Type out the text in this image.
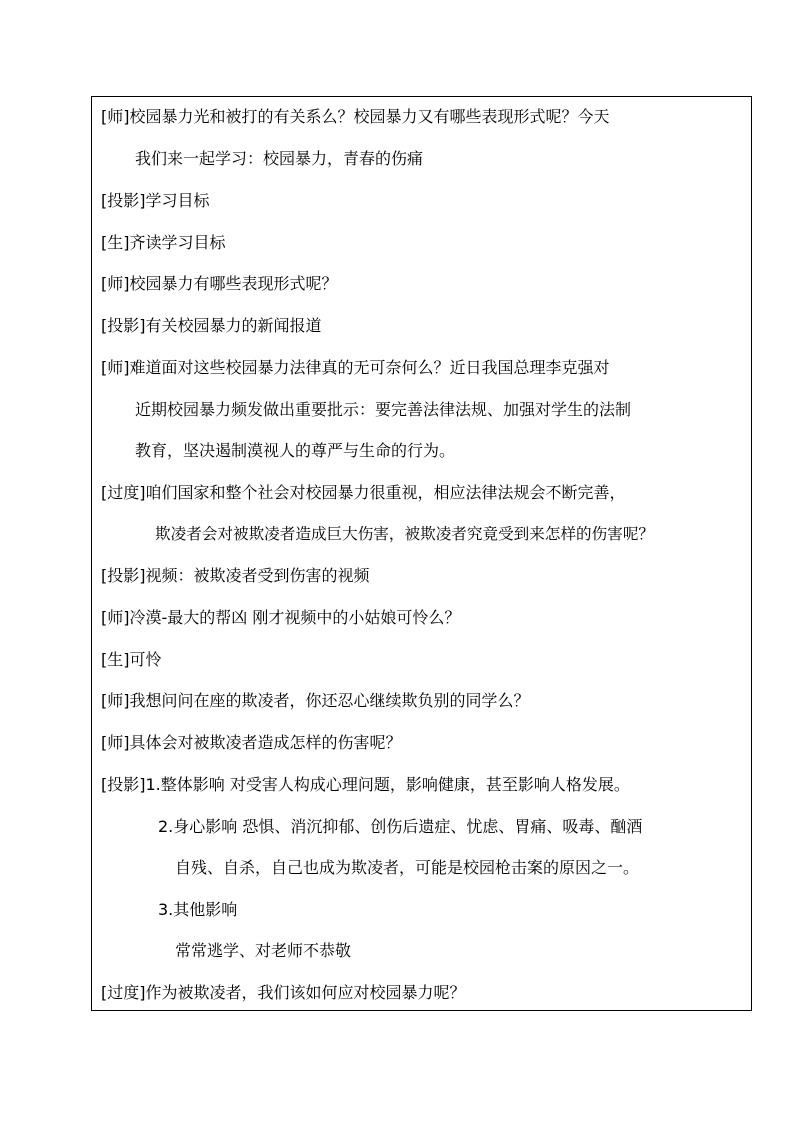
[师]校园暴力光和被打的有关系么？校园暴力又有哪些表现形式呢？今天
我们来一起学习：校园暴力，青春的伤痛
[投影]学习目标
[生]齐读学习目标
[师]校园暴力有哪些表现形式呢？
[投影]有关校园暴力的新闻报道
[师]难道面对这些校园暴力法律真的无可奈何么？近日我国总理李克强对
近期校园暴力频发做出重要批示：要完善法律法规、加强对学生的法制
教育，坚决遏制漠视人的尊严与生命的行为。
[过度]咱们国家和整个社会对校园暴力很重视，相应法律法规会不断完善，
欺凌者会对被欺凌者造成巨大伤害，被欺凌者究竟受到来怎样的伤害呢？
[投影]视频：被欺凌者受到伤害的视频
[师]冷漠-最大的帮凶 刚才视频中的小姑娘可怜么？
[生]可怜
[师]我想问问在座的欺凌者，你还忍心继续欺负别的同学么？
[师]具体会对被欺凌者造成怎样的伤害呢？
[投影]1.整体影响 对受害人构成心理问题，影响健康，甚至影响人格发展。
2.身心影响 恐惧、消沉抑郁、创伤后遗症、忧虑、胃痛、吸毒、酗酒
自残、自杀，自己也成为欺凌者，可能是校园枪击案的原因之一。
3.其他影响
常常逃学、对老师不恭敬
[过度]作为被欺凌者，我们该如何应对校园暴力呢？
